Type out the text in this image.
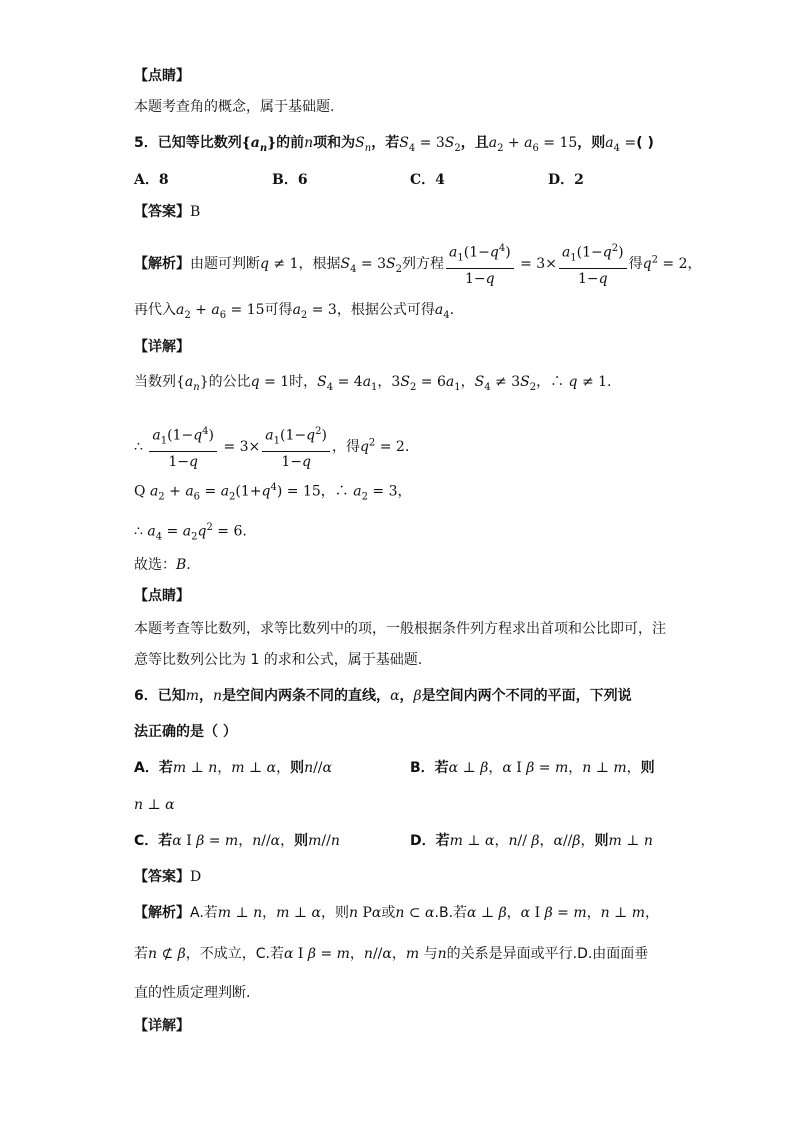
【点睛】
本题考查角的概念，属于基础题.
5．已知等比数列$\{a_n\}$的前n项和为$S_n$，若$S_4 = 3S_2$，且$a_2 + a_6 = 15$，则$a_4$ =( )
A．8	B．6	C．4	D．2
【答案】B
【解析】由题可判断q ≠ 1，根据$S_4 = 3S_2$列方程 $\frac{a_1(1-q^4)}{1-q} = 3\times \frac{a_1(1-q^2)}{1-q}$ 得$q^2 = 2$，
再代入$a_2 + a_6 = 15$可得$a_2 = 3$，根据公式可得$a_4$.
【详解】
当数列$\{a_n\}$的公比q = 1时，$S_4 = 4a_1$，$3S_2 = 6a_1$，$S_4 \ne 3S_2$，∴ q ≠ 1.
∴ $\frac{a_1(1-q^4)}{1-q} = 3\times \frac{a_1(1-q^2)}{1-q}$ ，得$q^2 = 2$.
Q $a_2 + a_6 = a_2(1+q^4) = 15$，∴ $a_2 = 3$，
∴ $a_4 = a_2q^2 = 6$.
故选：B.
【点睛】
本题考查等比数列，求等比数列中的项，一般根据条件列方程求出首项和公比即可，注
意等比数列公比为 1 的求和公式，属于基础题.
6．已知m，n是空间内两条不同的直线，α，β是空间内两个不同的平面，下列说
法正确的是（ ）
A．若m ⊥ n，m ⊥ α，则n//α	B．若α ⊥ β，α I β = m，n ⊥ m，则
n ⊥ α
C．若α I β = m，n//α，则m//n	D．若m ⊥ α，n// β，α//β，则m ⊥ n
【答案】D
【解析】A.若m ⊥ n，m ⊥ α，则n Pα或n ⊂ α.B.若α ⊥ β，α I β = m，n ⊥ m，
若n ⊄ β，不成立，C.若α I β = m，n//α，m 与n的关系是异面或平行.D.由面面垂
直的性质定理判断.
【详解】
